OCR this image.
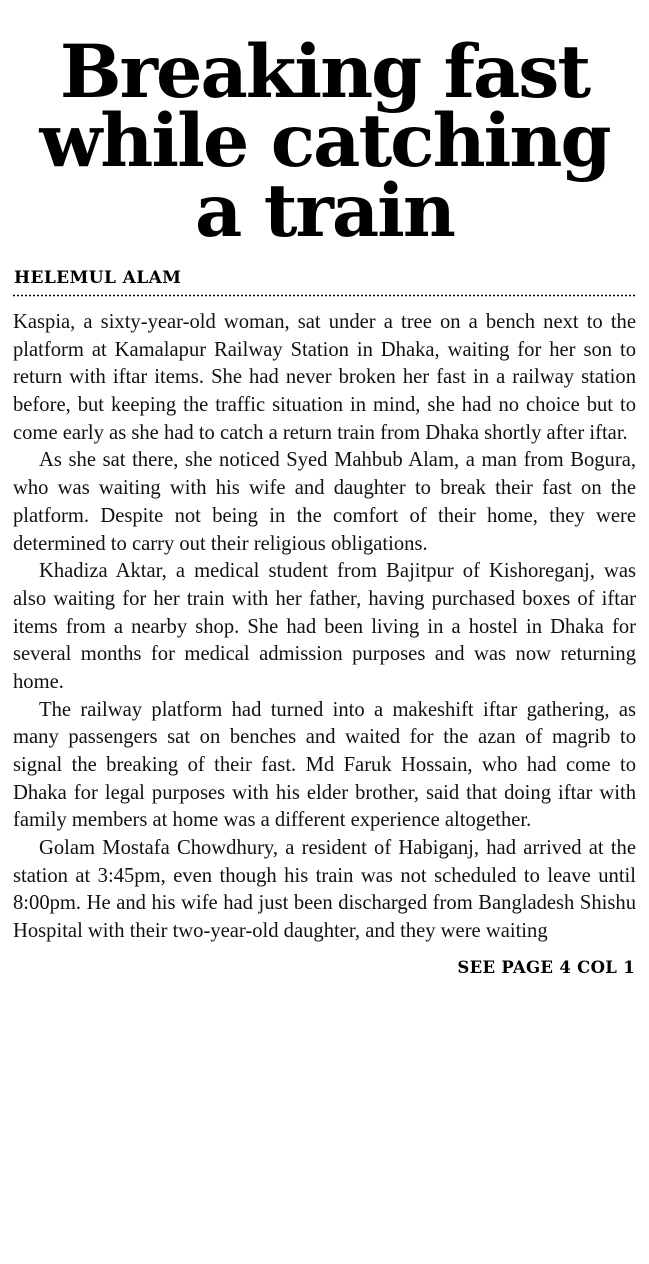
Breaking fast
while catching
a train
HELEMUL ALAM

Kaspia, a sixty-year-old woman, sat under a tree on a bench next to the platform at Kamalapur Railway Station in Dhaka, waiting for her son to return with iftar items. She had never broken her fast in a railway station before, but keeping the traffic situation in mind, she had no choice but to come early as she had to catch a return train from Dhaka shortly after iftar.

As she sat there, she noticed Syed Mahbub Alam, a man from Bogura, who was waiting with his wife and daughter to break their fast on the platform. Despite not being in the comfort of their home, they were determined to carry out their religious obligations.

Khadiza Aktar, a medical student from Bajitpur of Kishoreganj, was also waiting for her train with her father, having purchased boxes of iftar items from a nearby shop. She had been living in a hostel in Dhaka for several months for medical admission purposes and was now returning home.

The railway platform had turned into a makeshift iftar gathering, as many passengers sat on benches and waited for the azan of magrib to signal the breaking of their fast. Md Faruk Hossain, who had come to Dhaka for legal purposes with his elder brother, said that doing iftar with family members at home was a different experience altogether.

Golam Mostafa Chowdhury, a resident of Habiganj, had arrived at the station at 3:45pm, even though his train was not scheduled to leave until 8:00pm. He and his wife had just been discharged from Bangladesh Shishu Hospital with their two-year-old daughter, and they were waiting

SEE PAGE 4 COL 1
